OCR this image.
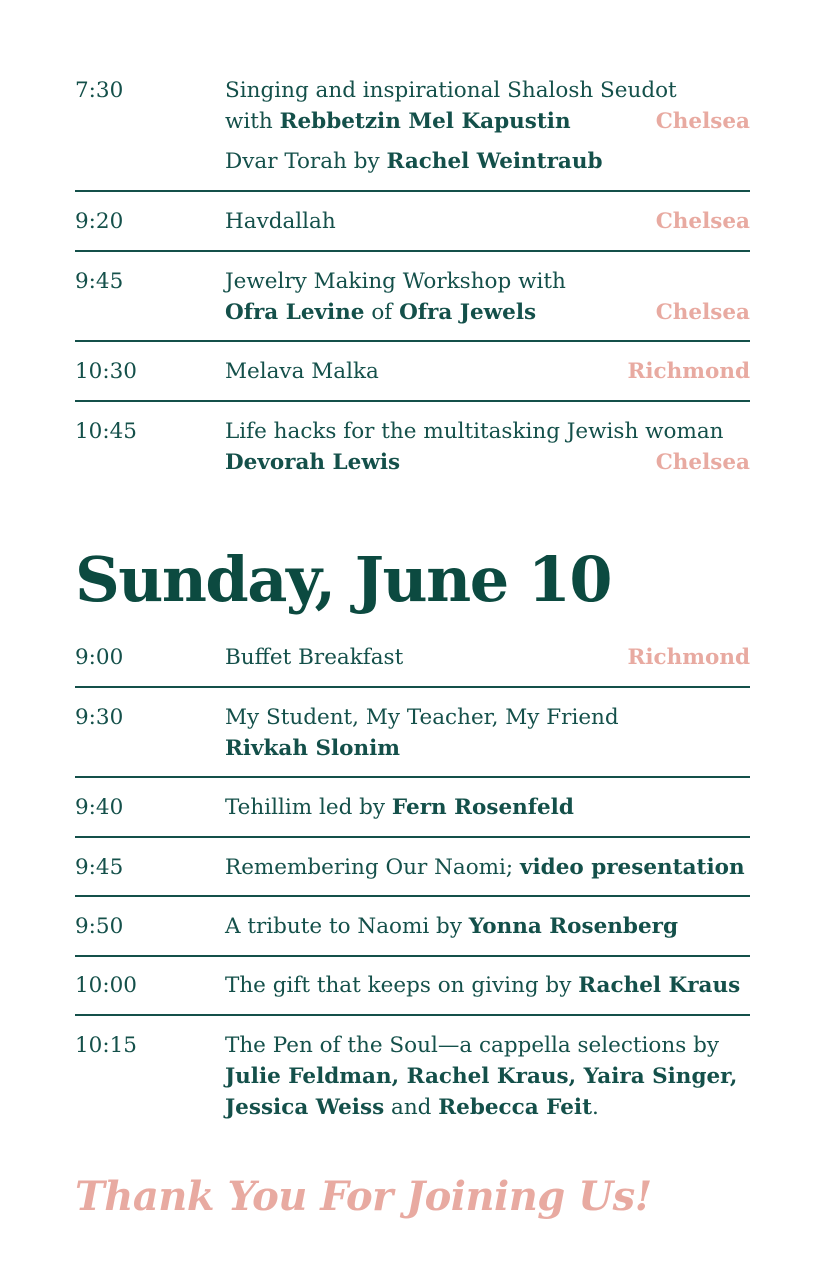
7:30	Singing and inspirational Shalosh Seudot
with Rebbetzin Mel Kapustin
Dvar Torah by Rachel Weintraub
Chelsea
9:20	Havdallah	Chelsea
9:45	Jewelry Making Workshop with
Ofra Levine of Ofra Jewels	Chelsea
10:30	Melava Malka	Richmond
10:45	Life hacks for the multitasking Jewish woman
Devorah Lewis	Chelsea
9:00	Buffet Breakfast	Richmond
9:30	My Student, My Teacher, My Friend
Rivkah Slonim
9:40	Tehillim led by Fern Rosenfeld
9:45	Remembering Our Naomi; video presentation
9:50	A tribute to Naomi by Yonna Rosenberg
10:00	The gift that keeps on giving by Rachel Kraus
10:15	The Pen of the Soul—a cappella selections by
Julie Feldman, Rachel Kraus, Yaira Singer,
Jessica Weiss and Rebecca Feit.
Sunday, June 10
Thank You For Joining Us!
